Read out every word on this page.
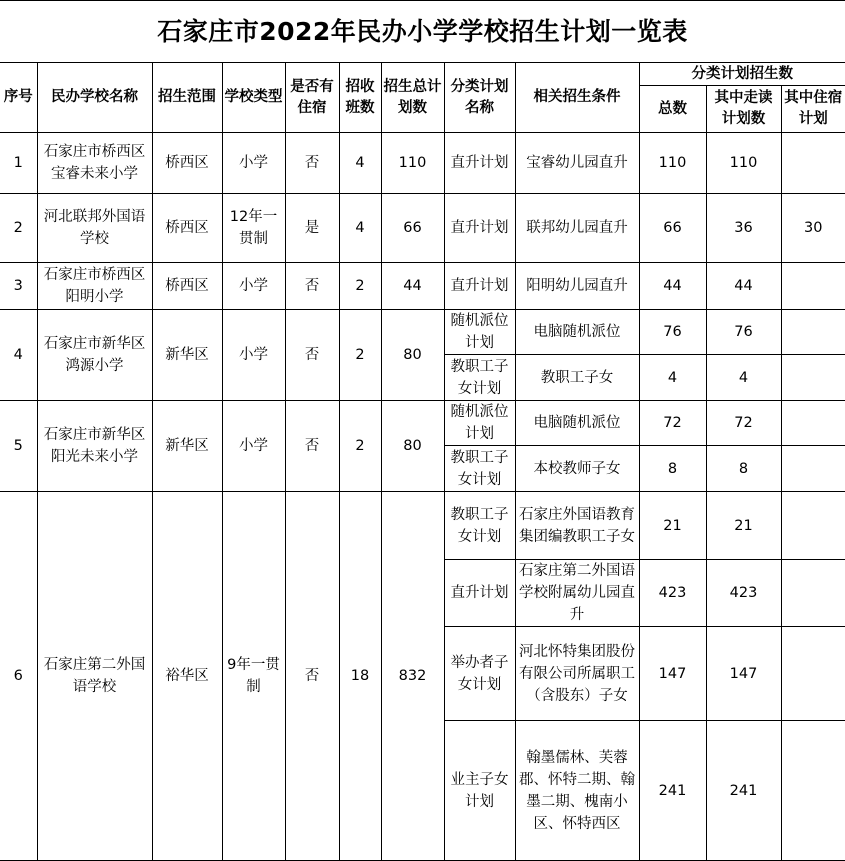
石家庄市2022年民办小学学校招生计划一览表
序号	民办学校名称	招生范围	学校类型	是否有住宿	招收班数	招生总计划数	分类计划名称	相关招生条件	分类计划招生数		
									总数	其中走读计划数	其中住宿计划
1	石家庄市桥西区宝睿未来小学	桥西区	小学	否	4	110	直升计划	宝睿幼儿园直升	110	110	
2	河北联邦外国语学校	桥西区	12年一贯制	是	4	66	直升计划	联邦幼儿园直升	66	36	30
3	石家庄市桥西区阳明小学	桥西区	小学	否	2	44	直升计划	阳明幼儿园直升	44	44	
4	石家庄市新华区鸿源小学	新华区	小学	否	2	80	随机派位计划	电脑随机派位	76	76	
							教职工子女计划	教职工子女	4	4	
5	石家庄市新华区阳光未来小学	新华区	小学	否	2	80	随机派位计划	电脑随机派位	72	72	
							教职工子女计划	本校教师子女	8	8	
6	石家庄第二外国语学校	裕华区	9年一贯制	否	18	832	教职工子女计划	石家庄外国语教育集团编教职工子女	21	21	
							直升计划	石家庄第二外国语学校附属幼儿园直升	423	423	
							举办者子女计划	河北怀特集团股份有限公司所属职工（含股东）子女	147	147	
							业主子女计划	翰墨儒林、芙蓉郡、怀特二期、翰墨二期、槐南小区、怀特西区	241	241	
